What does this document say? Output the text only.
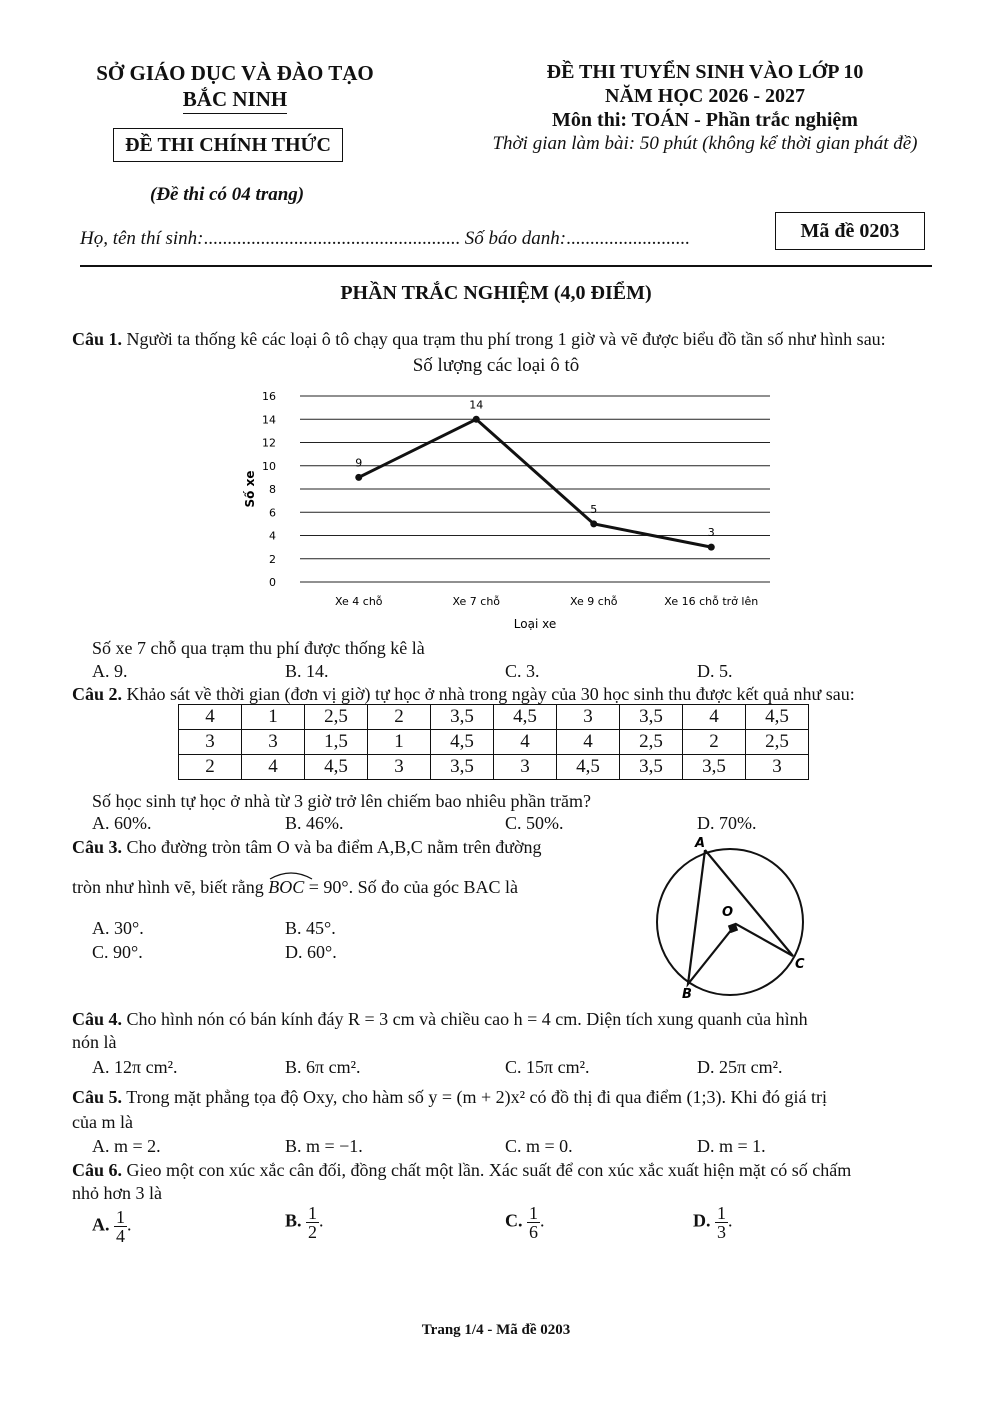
SỞ GIÁO DỤC VÀ ĐÀO TẠO
BẮC NINH
ĐỀ THI CHÍNH THỨC
(Đề thi có 04 trang)
ĐỀ THI TUYỂN SINH VÀO LỚP 10
NĂM HỌC 2026 - 2027
Môn thi: TOÁN - Phần trắc nghiệm
Thời gian làm bài: 50 phút (không kể thời gian phát đề)
Họ, tên thí sinh:...................................................... Số báo danh:..........................	Mã đề 0203
PHẦN TRẮC NGHIỆM (4,0 ĐIỂM)
Câu 1. Người ta thống kê các loại ô tô chạy qua trạm thu phí trong 1 giờ và vẽ được biểu đồ tần số như hình sau:
Số lượng các loại ô tô
0
2
4
6
8
10
12
14
16
9
14
5
3
Xe 4 chỗ	Xe 7 chỗ	Xe 9 chỗ	Xe 16 chỗ trở lên
Loại xe
Số xe
Số xe 7 chỗ qua trạm thu phí được thống kê là
A. 9.	B. 14.	C. 3.	D. 5.
Câu 2. Khảo sát về thời gian (đơn vị giờ) tự học ở nhà trong ngày của 30 học sinh thu được kết quả như sau:
4	1	2,5	2	3,5	4,5	3	3,5	4	4,5
3	3	1,5	1	4,5	4	4	2,5	2	2,5
2	4	4,5	3	3,5	3	4,5	3,5	3,5	3
Số học sinh tự học ở nhà từ 3 giờ trở lên chiếm bao nhiêu phần trăm?
A. 60%.	B. 46%.	C. 50%.	D. 70%.
Câu 3. Cho đường tròn tâm O và ba điểm A,B,C nằm trên đường
tròn như hình vẽ, biết rằng BOC = 90°. Số đo của góc BAC là
A. 30°.	B. 45°.
C. 90°.	D. 60°.
A
B
C
O
Câu 4. Cho hình nón có bán kính đáy R = 3 cm và chiều cao h = 4 cm. Diện tích xung quanh của hình
nón là
A. 12π cm².	B. 6π cm².	C. 15π cm².	D. 25π cm².
Câu 5. Trong mặt phẳng tọa độ Oxy, cho hàm số y = (m + 2)x² có đồ thị đi qua điểm (1;3). Khi đó giá trị
của m là
A. m = 2.	B. m = −1.	C. m = 0.	D. m = 1.
Câu 6. Gieo một con xúc xắc cân đối, đồng chất một lần. Xác suất để con xúc xắc xuất hiện mặt có số chấm
nhỏ hơn 3 là
A. $\frac{1}{4}$ .	B. $\frac{1}{2}$ .	C. $\frac{1}{6}$ .	D. $\frac{1}{3}$ .
Trang 1/4 - Mã đề 0203
